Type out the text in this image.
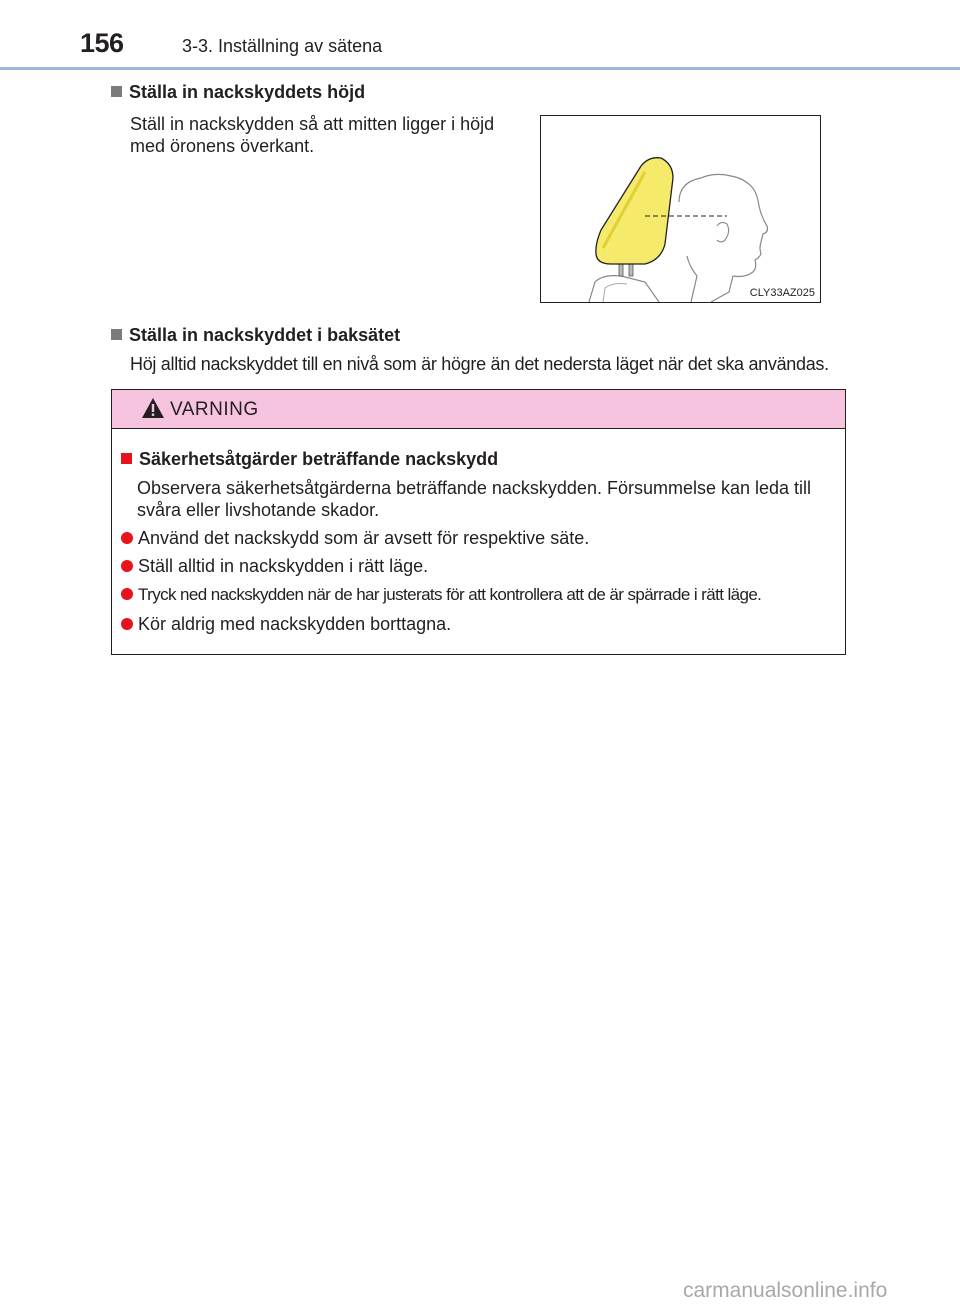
156	3-3. Inställning av sätena
Ställa in nackskyddets höjd
Ställ in nackskydden så att mitten ligger i höjd med öronens överkant.
CLY33AZ025
Ställa in nackskyddet i baksätet
Höj alltid nackskyddet till en nivå som är högre än det nedersta läget när det ska användas.
VARNING
Säkerhetsåtgärder beträffande nackskydd
Observera säkerhetsåtgärderna beträffande nackskydden. Försummelse kan leda till svåra eller livshotande skador.
Använd det nackskydd som är avsett för respektive säte.
Ställ alltid in nackskydden i rätt läge.
Tryck ned nackskydden när de har justerats för att kontrollera att de är spärrade i rätt läge.
Kör aldrig med nackskydden borttagna.
carmanualsonline.info
